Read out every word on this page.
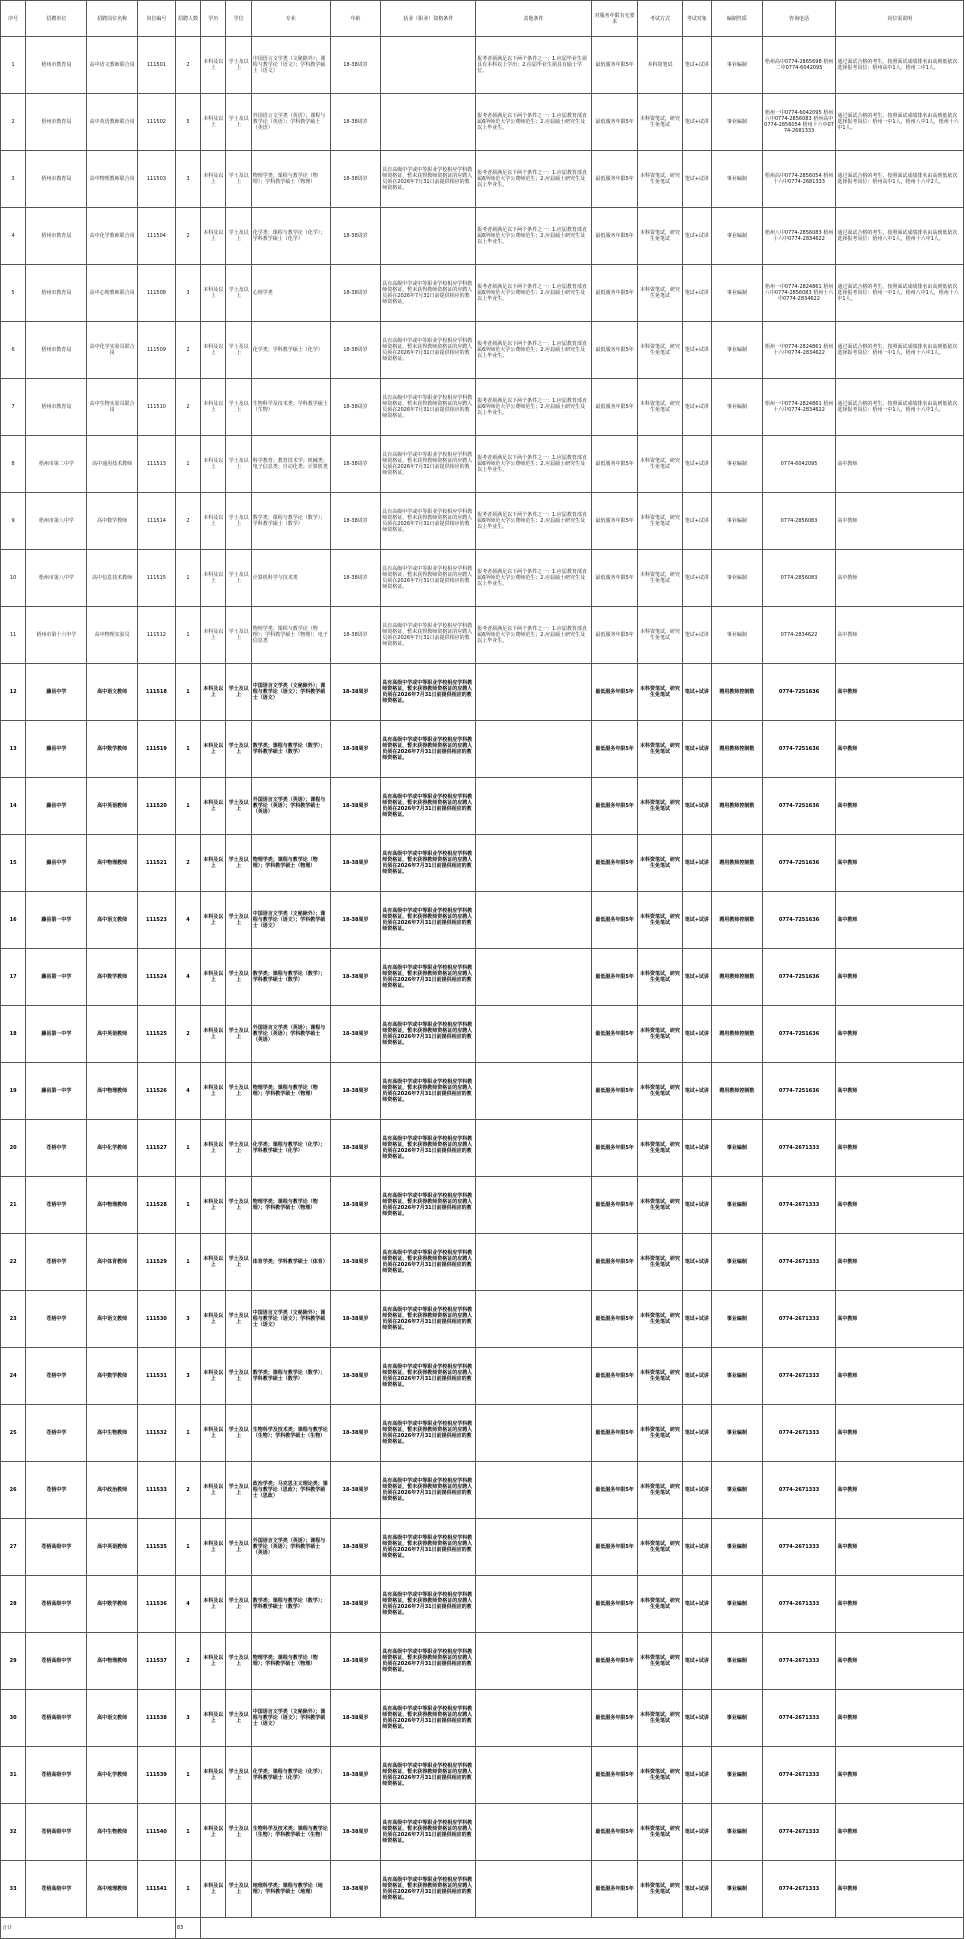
序号	招聘单位	招聘岗位名称	岗位编号	招聘人数	学历	学位	专业	年龄	执业（职业）资格条件	其他条件	对服务年限有无要求	考试方式	考试对象	编制性质	咨询电话	岗位需说明
1	梧州市教育局	高中语文教师联合岗	111501	2	本科及以上	学士及以上	中国语言文学类（文秘除外）；课程与教学论（语文）；学科教学硕士（语文）	18-38周岁		报考者须满足以下两个条件之一：1.应届毕业生须具有本科以上学历；2.往届毕业生须具有硕士学位。	最低服务年限5年	本科资笔试	笔试+试讲	事业编制	梧州高中0774-2865698 梧州二中0774-6042095	通过面试合格的考生，按照面试成绩排名由高到低依次选择报考岗位：梧州高中1人，梧州二中1人。
2	梧州市教育局	高中英语教师联合岗	111502	5	本科及以上	学士及以上	外国语言文学类（英语）；课程与教学论（英语）；学科教学硕士（英语）	18-38周岁		报考者须满足以下两个条件之一：1.应届教育部直属6所师范大学公费师范生；2.应届硕士研究生及以上毕业生。	最低服务年限5年	本科资笔试，研究生免笔试	笔试+试讲	事业编制	梧州一中0774-6042095 梧州八中0774-2856083 梧州高中0774-2856054 梧州十六中0774-2681333	通过面试合格的考生，按照面试成绩排名由高到低依次选择报考岗位：梧州一中1人，梧州八中1人，梧州十六中1人。
3	梧州市教育局	高中物理教师联合岗	111503	3	本科及以上	学士及以上	物理学类；课程与教学论（物理）；学科教学硕士（物理）	18-38周岁	具有高级中学或中等职业学校相应学科教师资格证，暂未获得教师资格证的应聘人员须在2026年7月31日前提供相应的教师资格证。	报考者须满足以下两个条件之一：1.应届教育部直属6所师范大学公费师范生；2.应届硕士研究生及以上毕业生。	最低服务年限5年	本科资笔试，研究生免笔试	笔试+试讲	事业编制	梧州高中0774-2856054 梧州十六中0774-2681333	通过面试合格的考生，按照面试成绩排名由高到低依次选择报考岗位：梧州高中1人，梧州十六中2人。
4	梧州市教育局	高中化学教师联合岗	111504	2	本科及以上	学士及以上	化学类；课程与教学论（化学）；学科教学硕士（化学）	18-38周岁		报考者须满足以下两个条件之一：1.应届教育部直属6所师范大学公费师范生；2.应届硕士研究生及以上毕业生。	最低服务年限5年	本科资笔试，研究生免笔试	笔试+试讲	事业编制	梧州八中0774-2856083 梧州十六中0774-2834622	通过面试合格的考生，按照面试成绩排名由高到低依次选择报考岗位：梧州八中1人，梧州十六中1人。
5	梧州市教育局	高中心理教师联合岗	111508	3	本科及以上	学士及以上	心理学类	18-38周岁	具有高级中学或中等职业学校相应学科教师资格证，暂未获得教师资格证的应聘人员须在2026年7月31日前提供相应的教师资格证。	报考者须满足以下两个条件之一：1.应届教育部直属6所师范大学公费师范生；2.应届硕士研究生及以上毕业生。	最低服务年限5年	本科资笔试，研究生免笔试	笔试+试讲	事业编制	梧州一中0774-2824861 梧州八中0774-2856083 梧州十六中0774-2834622	通过面试合格的考生，按照面试成绩排名由高到低依次选择报考岗位：梧州一中1人，梧州八中1人，梧州十六中1人。
6	梧州市教育局	高中化学实验员联合岗	111509	2	本科及以上	学士及以上	化学类；学科教学硕士（化学）	18-38周岁	具有高级中学或中等职业学校相应学科教师资格证，暂未获得教师资格证的应聘人员须在2026年7月31日前提供相应的教师资格证。	报考者须满足以下两个条件之一：1.应届教育部直属6所师范大学公费师范生；2.应届硕士研究生及以上毕业生。	最低服务年限5年	本科资笔试，研究生免笔试	笔试+试讲	事业编制	梧州一中0774-2824861 梧州十六中0774-2834622	通过面试合格的考生，按照面试成绩排名由高到低依次选择报考岗位：梧州一中1人，梧州十六中1人。
7	梧州市教育局	高中生物实验员联合岗	111510	2	本科及以上	学士及以上	生物科学及技术类；学科教学硕士（生物）	18-38周岁	具有高级中学或中等职业学校相应学科教师资格证，暂未获得教师资格证的应聘人员须在2026年7月31日前提供相应的教师资格证。	报考者须满足以下两个条件之一：1.应届教育部直属6所师范大学公费师范生；2.应届硕士研究生及以上毕业生。	最低服务年限5年	本科资笔试，研究生免笔试	笔试+试讲	事业编制	梧州一中0774-2824861 梧州十六中0774-2834622	通过面试合格的考生，按照面试成绩排名由高到低依次选择报考岗位：梧州一中1人，梧州十六中1人。
8	梧州市第二中学	高中通用技术教师	111513	1	本科及以上	学士及以上	科学教育；教育技术学；机械类；电子信息类；自动化类；计算机类	18-38周岁	具有高级中学或中等职业学校相应学科教师资格证，暂未获得教师资格证的应聘人员须在2026年7月31日前提供相应的教师资格证。	报考者须满足以下两个条件之一：1.应届教育部直属6所师范大学公费师范生；2.应届硕士研究生及以上毕业生。	最低服务年限5年	本科资笔试，研究生免笔试	笔试+试讲	事业编制	0774-6042095	高中教师
9	梧州市第八中学	高中数学教师	111514	2	本科及以上	学士及以上	数学类；课程与教学论（数学）；学科教学硕士（数学）	18-38周岁	具有高级中学或中等职业学校相应学科教师资格证，暂未获得教师资格证的应聘人员须在2026年7月31日前提供相应的教师资格证。	报考者须满足以下两个条件之一：1.应届教育部直属6所师范大学公费师范生；2.应届硕士研究生及以上毕业生。	最低服务年限5年	本科资笔试，研究生免笔试	笔试+试讲	事业编制	0774-2856083	高中教师
10	梧州市第八中学	高中信息技术教师	111515	1	本科及以上	学士及以上	计算机科学与技术类	18-38周岁	具有高级中学或中等职业学校相应学科教师资格证，暂未获得教师资格证的应聘人员须在2026年7月31日前提供相应的教师资格证。	报考者须满足以下两个条件之一：1.应届教育部直属6所师范大学公费师范生；2.应届硕士研究生及以上毕业生。	最低服务年限5年	本科资笔试，研究生免笔试	笔试+试讲	事业编制	0774-2856083	高中教师
11	梧州市第十六中学	高中物理实验员	111512	1	本科及以上	学士及以上	物理学类；课程与教学论（物理）；学科教学硕士（物理）；电子信息类	18-38周岁	具有高级中学或中等职业学校相应学科教师资格证，暂未获得教师资格证的应聘人员须在2026年7月31日前提供相应的教师资格证。	报考者须满足以下两个条件之一：1.应届教育部直属6所师范大学公费师范生；2.应届硕士研究生及以上毕业生。	最低服务年限5年	本科资笔试，研究生免笔试	笔试+试讲	事业编制	0774-2834622	高中教师
12	藤县中学	高中语文教师	111518	1	本科及以上	学士及以上	中国语言文学类（文秘除外）；课程与教学论（语文）；学科教学硕士（语文）	18-38周岁	具有高级中学或中等职业学校相应学科教师资格证，暂未获得教师资格证的应聘人员须在2026年7月31日前提供相应的教师资格证。		最低服务年限5年	本科资笔试，研究生免笔试	笔试+试讲	聘用教师控制数	0774-7251636	高中教师
13	藤县中学	高中数学教师	111519	1	本科及以上	学士及以上	数学类；课程与教学论（数学）；学科教学硕士（数学）	18-38周岁	具有高级中学或中等职业学校相应学科教师资格证，暂未获得教师资格证的应聘人员须在2026年7月31日前提供相应的教师资格证。		最低服务年限5年	本科资笔试，研究生免笔试	笔试+试讲	聘用教师控制数	0774-7251636	高中教师
14	藤县中学	高中英语教师	111520	1	本科及以上	学士及以上	外国语言文学类（英语）；课程与教学论（英语）；学科教学硕士（英语）	18-38周岁	具有高级中学或中等职业学校相应学科教师资格证，暂未获得教师资格证的应聘人员须在2026年7月31日前提供相应的教师资格证。		最低服务年限5年	本科资笔试，研究生免笔试	笔试+试讲	聘用教师控制数	0774-7251636	高中教师
15	藤县中学	高中物理教师	111521	2	本科及以上	学士及以上	物理学类；课程与教学论（物理）；学科教学硕士（物理）	18-38周岁	具有高级中学或中等职业学校相应学科教师资格证，暂未获得教师资格证的应聘人员须在2026年7月31日前提供相应的教师资格证。		最低服务年限5年	本科资笔试，研究生免笔试	笔试+试讲	聘用教师控制数	0774-7251636	高中教师
16	藤县第一中学	高中语文教师	111523	4	本科及以上	学士及以上	中国语言文学类（文秘除外）；课程与教学论（语文）；学科教学硕士（语文）	18-38周岁	具有高级中学或中等职业学校相应学科教师资格证，暂未获得教师资格证的应聘人员须在2026年7月31日前提供相应的教师资格证。		最低服务年限5年	本科资笔试，研究生免笔试	笔试+试讲	聘用教师控制数	0774-7251636	高中教师
17	藤县第一中学	高中数学教师	111524	4	本科及以上	学士及以上	数学类；课程与教学论（数学）；学科教学硕士（数学）	18-38周岁	具有高级中学或中等职业学校相应学科教师资格证，暂未获得教师资格证的应聘人员须在2026年7月31日前提供相应的教师资格证。		最低服务年限5年	本科资笔试，研究生免笔试	笔试+试讲	聘用教师控制数	0774-7251636	高中教师
18	藤县第一中学	高中英语教师	111525	2	本科及以上	学士及以上	外国语言文学类（英语）；课程与教学论（英语）；学科教学硕士（英语）	18-38周岁	具有高级中学或中等职业学校相应学科教师资格证，暂未获得教师资格证的应聘人员须在2026年7月31日前提供相应的教师资格证。		最低服务年限5年	本科资笔试，研究生免笔试	笔试+试讲	聘用教师控制数	0774-7251636	高中教师
19	藤县第一中学	高中物理教师	111526	4	本科及以上	学士及以上	物理学类；课程与教学论（物理）；学科教学硕士（物理）	18-38周岁	具有高级中学或中等职业学校相应学科教师资格证，暂未获得教师资格证的应聘人员须在2026年7月31日前提供相应的教师资格证。		最低服务年限5年	本科资笔试，研究生免笔试	笔试+试讲	聘用教师控制数	0774-7251636	高中教师
20	苍梧中学	高中化学教师	111527	1	本科及以上	学士及以上	化学类；课程与教学论（化学）；学科教学硕士（化学）	18-38周岁	具有高级中学或中等职业学校相应学科教师资格证，暂未获得教师资格证的应聘人员须在2026年7月31日前提供相应的教师资格证。		最低服务年限5年	本科资笔试，研究生免笔试	笔试+试讲	事业编制	0774-2671333	高中教师
21	苍梧中学	高中物理教师	111528	1	本科及以上	学士及以上	物理学类；课程与教学论（物理）；学科教学硕士（物理）	18-38周岁	具有高级中学或中等职业学校相应学科教师资格证，暂未获得教师资格证的应聘人员须在2026年7月31日前提供相应的教师资格证。		最低服务年限5年	本科资笔试，研究生免笔试	笔试+试讲	事业编制	0774-2671333	高中教师
22	苍梧中学	高中体育教师	111529	1	本科及以上	学士及以上	体育学类；学科教学硕士（体育）	18-38周岁	具有高级中学或中等职业学校相应学科教师资格证，暂未获得教师资格证的应聘人员须在2026年7月31日前提供相应的教师资格证。		最低服务年限5年	本科资笔试，研究生免笔试	笔试+试讲	事业编制	0774-2671333	高中教师
23	苍梧中学	高中语文教师	111530	3	本科及以上	学士及以上	中国语言文学类（文秘除外）；课程与教学论（语文）；学科教学硕士（语文）	18-38周岁	具有高级中学或中等职业学校相应学科教师资格证，暂未获得教师资格证的应聘人员须在2026年7月31日前提供相应的教师资格证。		最低服务年限5年	本科资笔试，研究生免笔试	笔试+试讲	事业编制	0774-2671333	高中教师
24	苍梧中学	高中数学教师	111531	3	本科及以上	学士及以上	数学类；课程与教学论（数学）；学科教学硕士（数学）	18-38周岁	具有高级中学或中等职业学校相应学科教师资格证，暂未获得教师资格证的应聘人员须在2026年7月31日前提供相应的教师资格证。		最低服务年限5年	本科资笔试，研究生免笔试	笔试+试讲	事业编制	0774-2671333	高中教师
25	苍梧中学	高中生物教师	111532	1	本科及以上	学士及以上	生物科学及技术类；课程与教学论（生物）；学科教学硕士（生物）	18-38周岁	具有高级中学或中等职业学校相应学科教师资格证，暂未获得教师资格证的应聘人员须在2026年7月31日前提供相应的教师资格证。		最低服务年限5年	本科资笔试，研究生免笔试	笔试+试讲	事业编制	0774-2671333	高中教师
26	苍梧中学	高中政治教师	111533	2	本科及以上	学士及以上	政治学类；马克思主义理论类；课程与教学论（思政）；学科教学硕士（思政）	18-38周岁	具有高级中学或中等职业学校相应学科教师资格证，暂未获得教师资格证的应聘人员须在2026年7月31日前提供相应的教师资格证。		最低服务年限5年	本科资笔试，研究生免笔试	笔试+试讲	事业编制	0774-2671333	高中教师
27	苍梧高级中学	高中英语教师	111535	1	本科及以上	学士及以上	外国语言文学类（英语）；课程与教学论（英语）；学科教学硕士（英语）	18-38周岁	具有高级中学或中等职业学校相应学科教师资格证，暂未获得教师资格证的应聘人员须在2026年7月31日前提供相应的教师资格证。		最低服务年限5年	本科资笔试，研究生免笔试	笔试+试讲	事业编制	0774-2671333	高中教师
28	苍梧高级中学	高中数学教师	111536	4	本科及以上	学士及以上	数学类；课程与教学论（数学）；学科教学硕士（数学）	18-38周岁	具有高级中学或中等职业学校相应学科教师资格证，暂未获得教师资格证的应聘人员须在2026年7月31日前提供相应的教师资格证。		最低服务年限5年	本科资笔试，研究生免笔试	笔试+试讲	事业编制	0774-2671333	高中教师
29	苍梧高级中学	高中物理教师	111537	2	本科及以上	学士及以上	物理学类；课程与教学论（物理）；学科教学硕士（物理）	18-38周岁	具有高级中学或中等职业学校相应学科教师资格证，暂未获得教师资格证的应聘人员须在2026年7月31日前提供相应的教师资格证。		最低服务年限5年	本科资笔试，研究生免笔试	笔试+试讲	事业编制	0774-2671333	高中教师
30	苍梧高级中学	高中语文教师	111538	3	本科及以上	学士及以上	中国语言文学类（文秘除外）；课程与教学论（语文）；学科教学硕士（语文）	18-38周岁	具有高级中学或中等职业学校相应学科教师资格证，暂未获得教师资格证的应聘人员须在2026年7月31日前提供相应的教师资格证。		最低服务年限5年	本科资笔试，研究生免笔试	笔试+试讲	事业编制	0774-2671333	高中教师
31	苍梧高级中学	高中化学教师	111539	1	本科及以上	学士及以上	化学类；课程与教学论（化学）；学科教学硕士（化学）	18-38周岁	具有高级中学或中等职业学校相应学科教师资格证，暂未获得教师资格证的应聘人员须在2026年7月31日前提供相应的教师资格证。		最低服务年限5年	本科资笔试，研究生免笔试	笔试+试讲	事业编制	0774-2671333	高中教师
32	苍梧高级中学	高中生物教师	111540	1	本科及以上	学士及以上	生物科学及技术类；课程与教学论（生物）；学科教学硕士（生物）	18-38周岁	具有高级中学或中等职业学校相应学科教师资格证，暂未获得教师资格证的应聘人员须在2026年7月31日前提供相应的教师资格证。		最低服务年限5年	本科资笔试，研究生免笔试	笔试+试讲	事业编制	0774-2671333	高中教师
33	苍梧高级中学	高中地理教师	111541	1	本科及以上	学士及以上	地理科学类；课程与教学论（地理）；学科教学硕士（地理）	18-38周岁	具有高级中学或中等职业学校相应学科教师资格证，暂未获得教师资格证的应聘人员须在2026年7月31日前提供相应的教师资格证。		最低服务年限5年	本科资笔试，研究生免笔试	笔试+试讲	事业编制	0774-2671333	高中教师
合计				83												
